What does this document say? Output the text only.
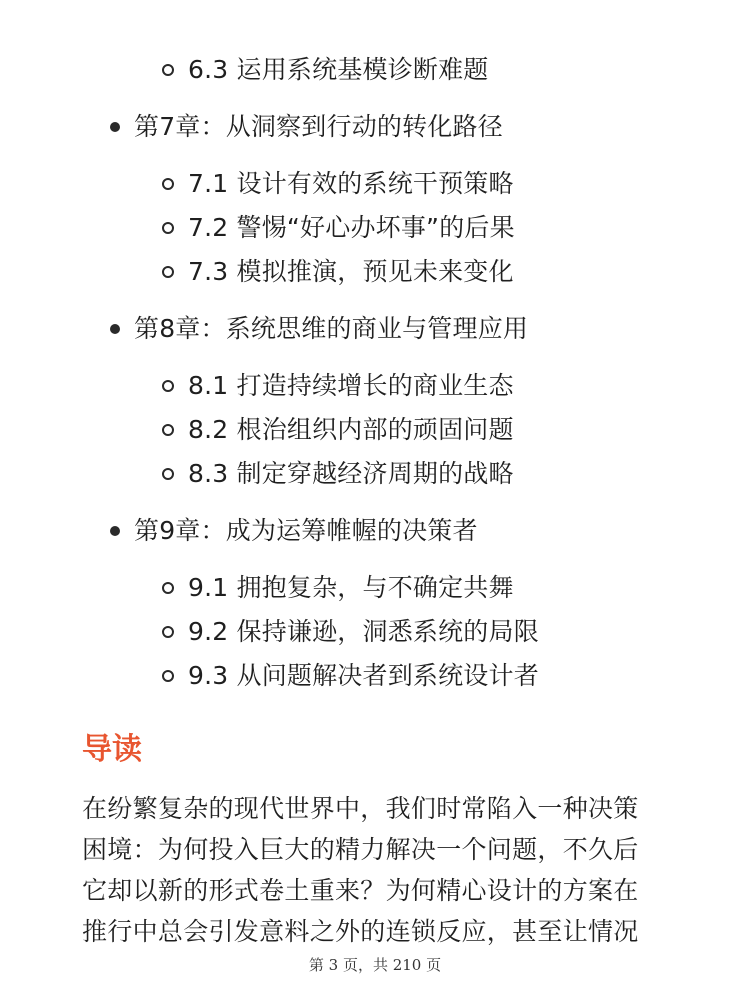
6.3 运用系统基模诊断难题
第7章：从洞察到行动的转化路径
7.1 设计有效的系统干预策略
7.2 警惕“好心办坏事”的后果
7.3 模拟推演，预见未来变化
第8章：系统思维的商业与管理应用
8.1 打造持续增长的商业生态
8.2 根治组织内部的顽固问题
8.3 制定穿越经济周期的战略
第9章：成为运筹帷幄的决策者
9.1 拥抱复杂，与不确定共舞
9.2 保持谦逊，洞悉系统的局限
9.3 从问题解决者到系统设计者
导读

在纷繁复杂的现代世界中，我们时常陷入一种决策
困境：为何投入巨大的精力解决一个问题，不久后
它却以新的形式卷土重来？为何精心设计的方案在
推行中总会引发意料之外的连锁反应，甚至让情况

第 3 页，共 210 页
